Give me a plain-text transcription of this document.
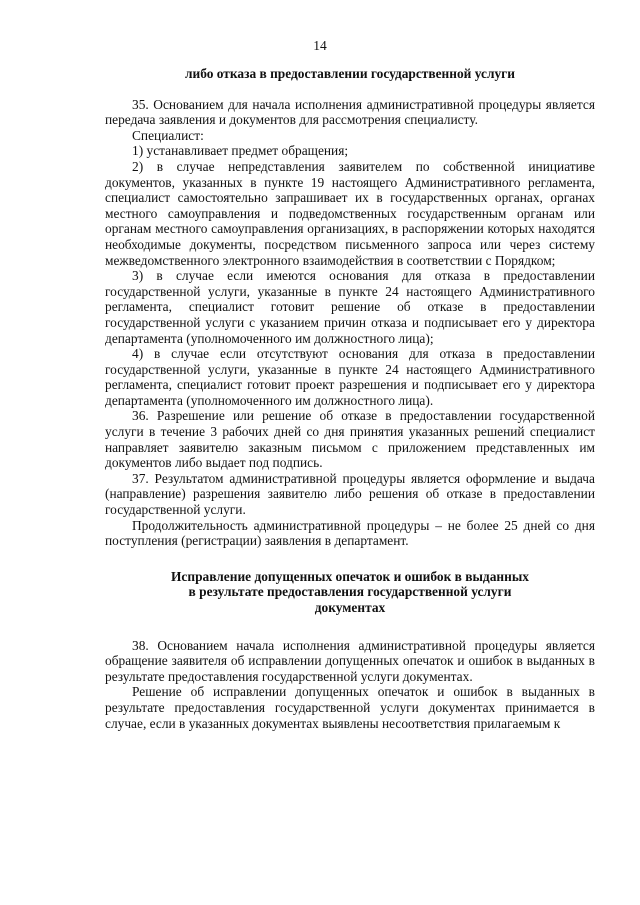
14

либо отказа в предоставлении государственной услуги

35. Основанием для начала исполнения административной процедуры является передача заявления и документов для рассмотрения специалисту.

Специалист:

1) устанавливает предмет обращения;

2) в случае непредставления заявителем по собственной инициативе документов, указанных в пункте 19 настоящего Административного регламента, специалист самостоятельно запрашивает их в государственных органах, органах местного самоуправления и подведомственных государственным органам или органам местного самоуправления организациях, в распоряжении которых находятся необходимые документы, посредством письменного запроса или через систему межведомственного электронного взаимодействия в соответствии с Порядком;

3) в случае если имеются основания для отказа в предоставлении государственной услуги, указанные в пункте 24 настоящего Административного регламента, специалист готовит решение об отказе в предоставлении государственной услуги с указанием причин отказа и подписывает его у директора департамента (уполномоченного им должностного лица);

4) в случае если отсутствуют основания для отказа в предоставлении государственной услуги, указанные в пункте 24 настоящего Административного регламента, специалист готовит проект разрешения и подписывает его у директора департамента (уполномоченного им должностного лица).

36. Разрешение или решение об отказе в предоставлении государственной услуги в течение 3 рабочих дней со дня принятия указанных решений специалист направляет заявителю заказным письмом с приложением представленных им документов либо выдает под подпись.

37. Результатом административной процедуры является оформление и выдача (направление) разрешения заявителю либо решения об отказе в предоставлении государственной услуги.

Продолжительность административной процедуры – не более 25 дней со дня поступления (регистрации) заявления в департамент.

Исправление допущенных опечаток и ошибок в выданных
в результате предоставления государственной услуги
документах

38. Основанием начала исполнения административной процедуры является обращение заявителя об исправлении допущенных опечаток и ошибок в выданных в результате предоставления государственной услуги документах.

Решение об исправлении допущенных опечаток и ошибок в выданных в результате предоставления государственной услуги документах принимается в случае, если в указанных документах выявлены несоответствия прилагаемым к
